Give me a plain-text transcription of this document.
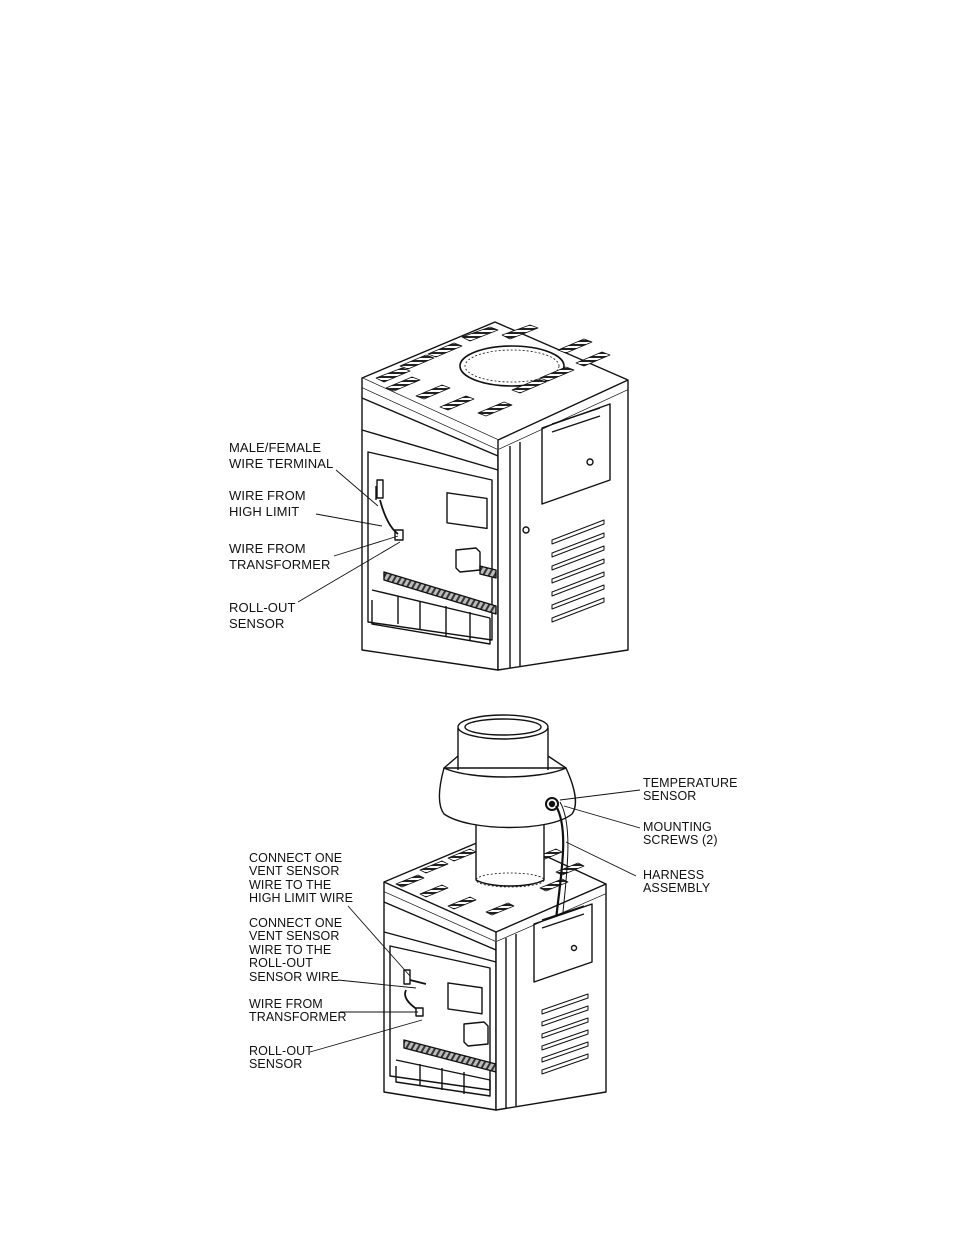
MALE/FEMALE
WIRE TERMINAL
WIRE FROM
HIGH LIMIT
WIRE FROM
TRANSFORMER
ROLL-OUT
SENSOR
TEMPERATURE
SENSOR
MOUNTING
SCREWS (2)
HARNESS
ASSEMBLY
CONNECT ONE
VENT SENSOR
WIRE TO THE
HIGH LIMIT WIRE
CONNECT ONE
VENT SENSOR
WIRE TO THE
ROLL-OUT
SENSOR WIRE
WIRE FROM
TRANSFORMER
ROLL-OUT
SENSOR
